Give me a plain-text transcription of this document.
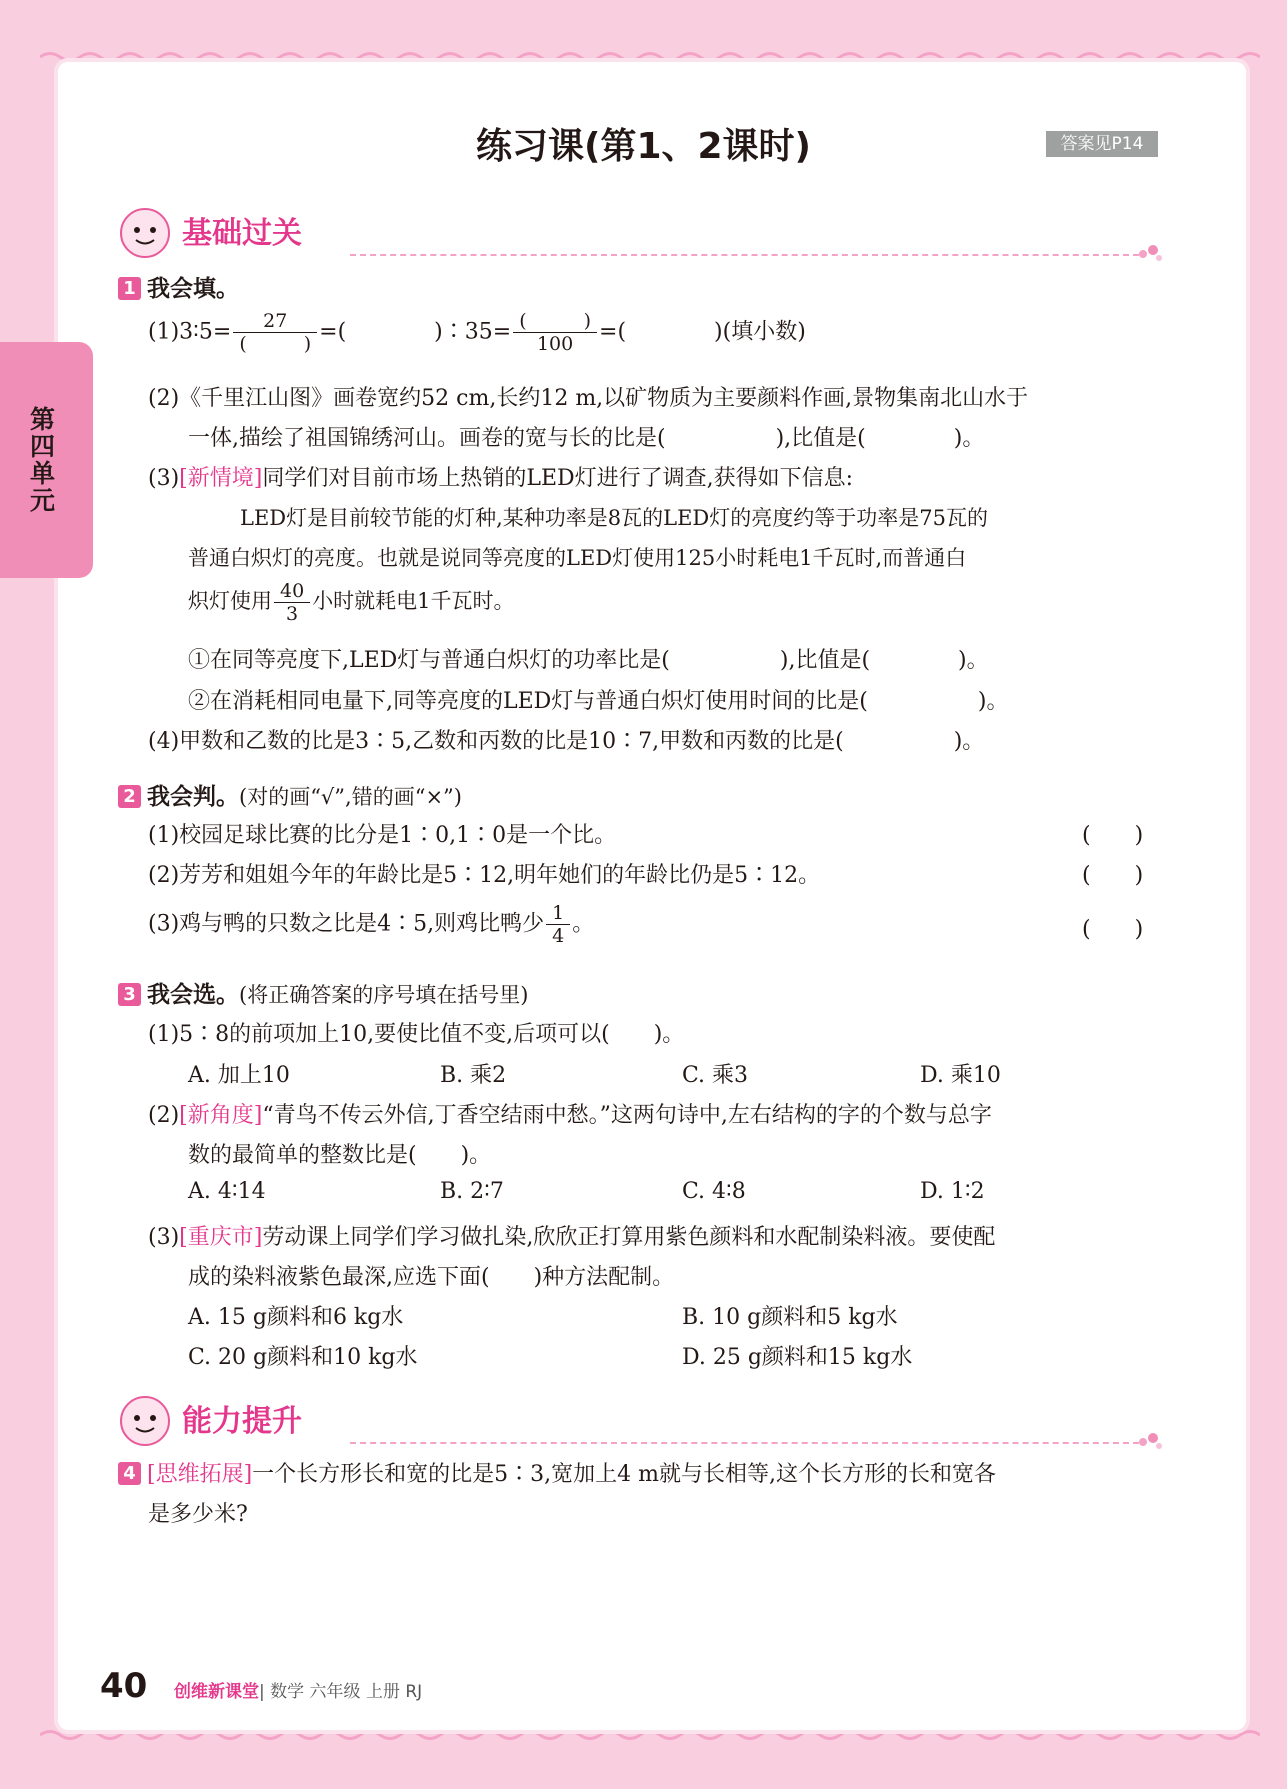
第四单元
练习课(第1、2课时)	答案见P14
基础过关
1 我会填。
(1)3∶5= $\frac{27}{( )}$ =(　　　　)∶35= $\frac{( )}{100}$ =(　　　　)(填小数)
(2)《千里江山图》画卷宽约52 cm,长约12 m,以矿物质为主要颜料作画,景物集南北山水于
一体,描绘了祖国锦绣河山。画卷的宽与长的比是(　　　　　),比值是(　　　　)。
(3)[新情境]同学们对目前市场上热销的LED灯进行了调查,获得如下信息:
LED灯是目前较节能的灯种,某种功率是8瓦的LED灯的亮度约等于功率是75瓦的
普通白炽灯的亮度。也就是说同等亮度的LED灯使用125小时耗电1千瓦时,而普通白
炽灯使用 $\frac{40}{3}$ 小时就耗电1千瓦时。
①在同等亮度下,LED灯与普通白炽灯的功率比是(　　　　　),比值是(　　　　)。
②在消耗相同电量下,同等亮度的LED灯与普通白炽灯使用时间的比是(　　　　　)。
(4)甲数和乙数的比是3∶5,乙数和丙数的比是10∶7,甲数和丙数的比是(　　　　　)。
2 我会判。(对的画“√”,错的画“×”)
(1)校园足球比赛的比分是1∶0,1∶0是一个比。	(　　)
(2)芳芳和姐姐今年的年龄比是5∶12,明年她们的年龄比仍是5∶12。	(　　)
(3)鸡与鸭的只数之比是4∶5,则鸡比鸭少 $\frac{1}{4}$ 。	(　　)
3 我会选。(将正确答案的序号填在括号里)
(1)5∶8的前项加上10,要使比值不变,后项可以(　　)。
A. 加上10	B. 乘2	C. 乘3	D. 乘10
(2)[新角度]“青鸟不传云外信,丁香空结雨中愁。”这两句诗中,左右结构的字的个数与总字
数的最简单的整数比是(　　)。
A. 4∶14	B. 2∶7	C. 4∶8	D. 1∶2
(3)[重庆市]劳动课上同学们学习做扎染,欣欣正打算用紫色颜料和水配制染料液。要使配
成的染料液紫色最深,应选下面(　　)种方法配制。
A. 15 g颜料和6 kg水	B. 10 g颜料和5 kg水
C. 20 g颜料和10 kg水	D. 25 g颜料和15 kg水
能力提升
4 [思维拓展]一个长方形长和宽的比是5∶3,宽加上4 m就与长相等,这个长方形的长和宽各
是多少米?
40 创维新课堂| 数学 六年级 上册 RJ
